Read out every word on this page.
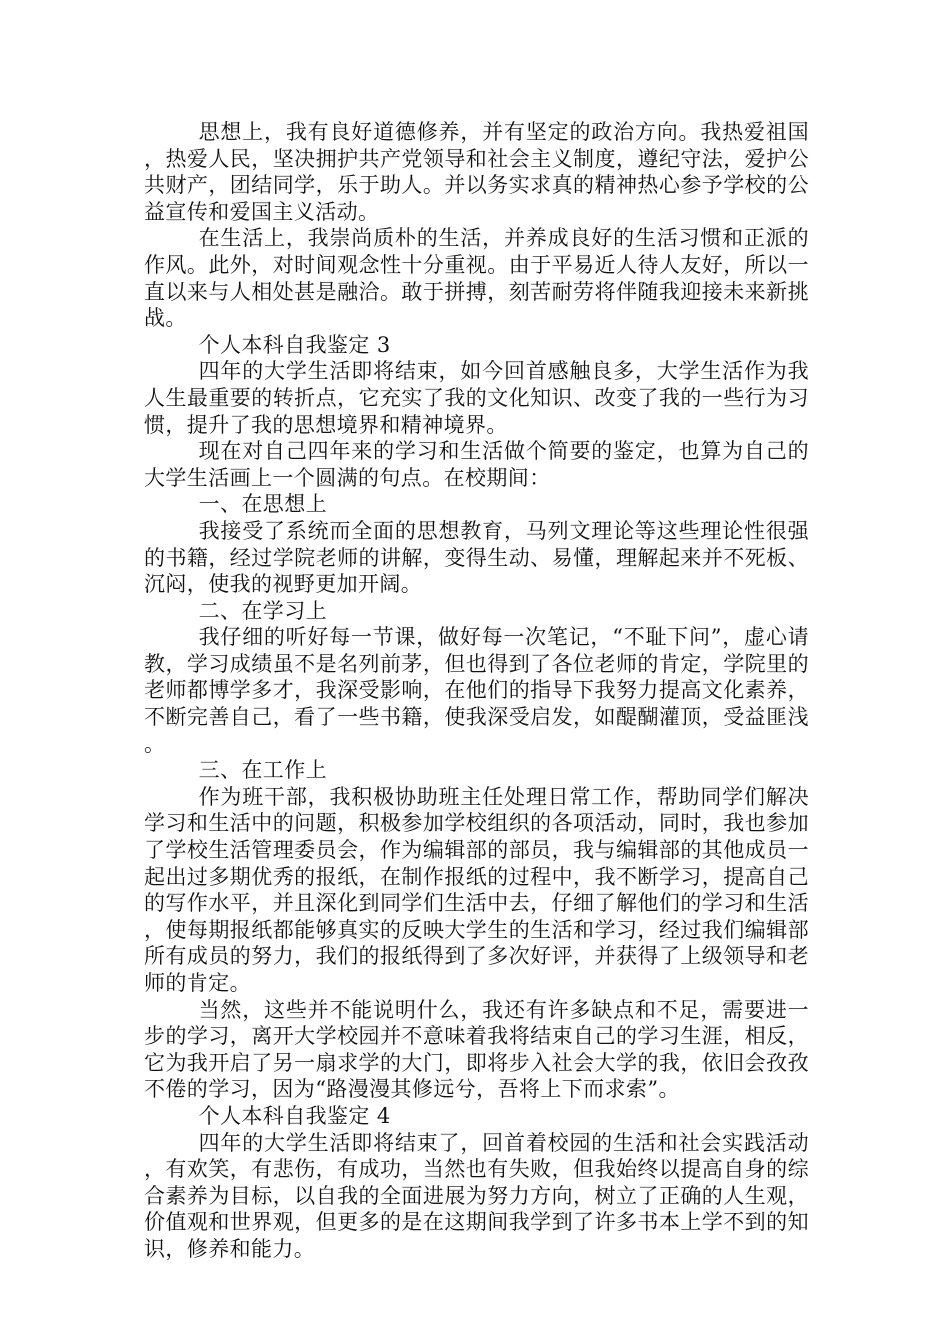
思想上，我有良好道德修养，并有坚定的政治方向。我热爱祖国，热爱人民，坚决拥护共产党领导和社会主义制度，遵纪守法，爱护公共财产，团结同学，乐于助人。并以务实求真的精神热心参予学校的公益宣传和爱国主义活动。

在生活上，我崇尚质朴的生活，并养成良好的生活习惯和正派的作风。此外，对时间观念性十分重视。由于平易近人待人友好，所以一直以来与人相处甚是融洽。敢于拼搏，刻苦耐劳将伴随我迎接未来新挑战。

个人本科自我鉴定 3

四年的大学生活即将结束，如今回首感触良多，大学生活作为我人生最重要的转折点，它充实了我的文化知识、改变了我的一些行为习惯，提升了我的思想境界和精神境界。

现在对自己四年来的学习和生活做个简要的鉴定，也算为自己的大学生活画上一个圆满的句点。在校期间：

一、在思想上

我接受了系统而全面的思想教育，马列文理论等这些理论性很强的书籍，经过学院老师的讲解，变得生动、易懂，理解起来并不死板、沉闷，使我的视野更加开阔。

二、在学习上

我仔细的听好每一节课，做好每一次笔记，“不耻下问”，虚心请教，学习成绩虽不是名列前茅，但也得到了各位老师的肯定，学院里的老师都博学多才，我深受影响，在他们的指导下我努力提高文化素养，不断完善自己，看了一些书籍，使我深受启发，如醍醐灌顶，受益匪浅。

三、在工作上

作为班干部，我积极协助班主任处理日常工作，帮助同学们解决学习和生活中的问题，积极参加学校组织的各项活动，同时，我也参加了学校生活管理委员会，作为编辑部的部员，我与编辑部的其他成员一起出过多期优秀的报纸，在制作报纸的过程中，我不断学习，提高自己的写作水平，并且深化到同学们生活中去，仔细了解他们的学习和生活，使每期报纸都能够真实的反映大学生的生活和学习，经过我们编辑部所有成员的努力，我们的报纸得到了多次好评，并获得了上级领导和老师的肯定。

当然，这些并不能说明什么，我还有许多缺点和不足，需要进一步的学习，离开大学校园并不意味着我将结束自己的学习生涯，相反，它为我开启了另一扇求学的大门，即将步入社会大学的我，依旧会孜孜不倦的学习，因为“路漫漫其修远兮，吾将上下而求索”。

个人本科自我鉴定 4

四年的大学生活即将结束了，回首着校园的生活和社会实践活动，有欢笑，有悲伤，有成功，当然也有失败，但我始终以提高自身的综合素养为目标，以自我的全面进展为努力方向，树立了正确的人生观，价值观和世界观，但更多的是在这期间我学到了许多书本上学不到的知识，修养和能力。
